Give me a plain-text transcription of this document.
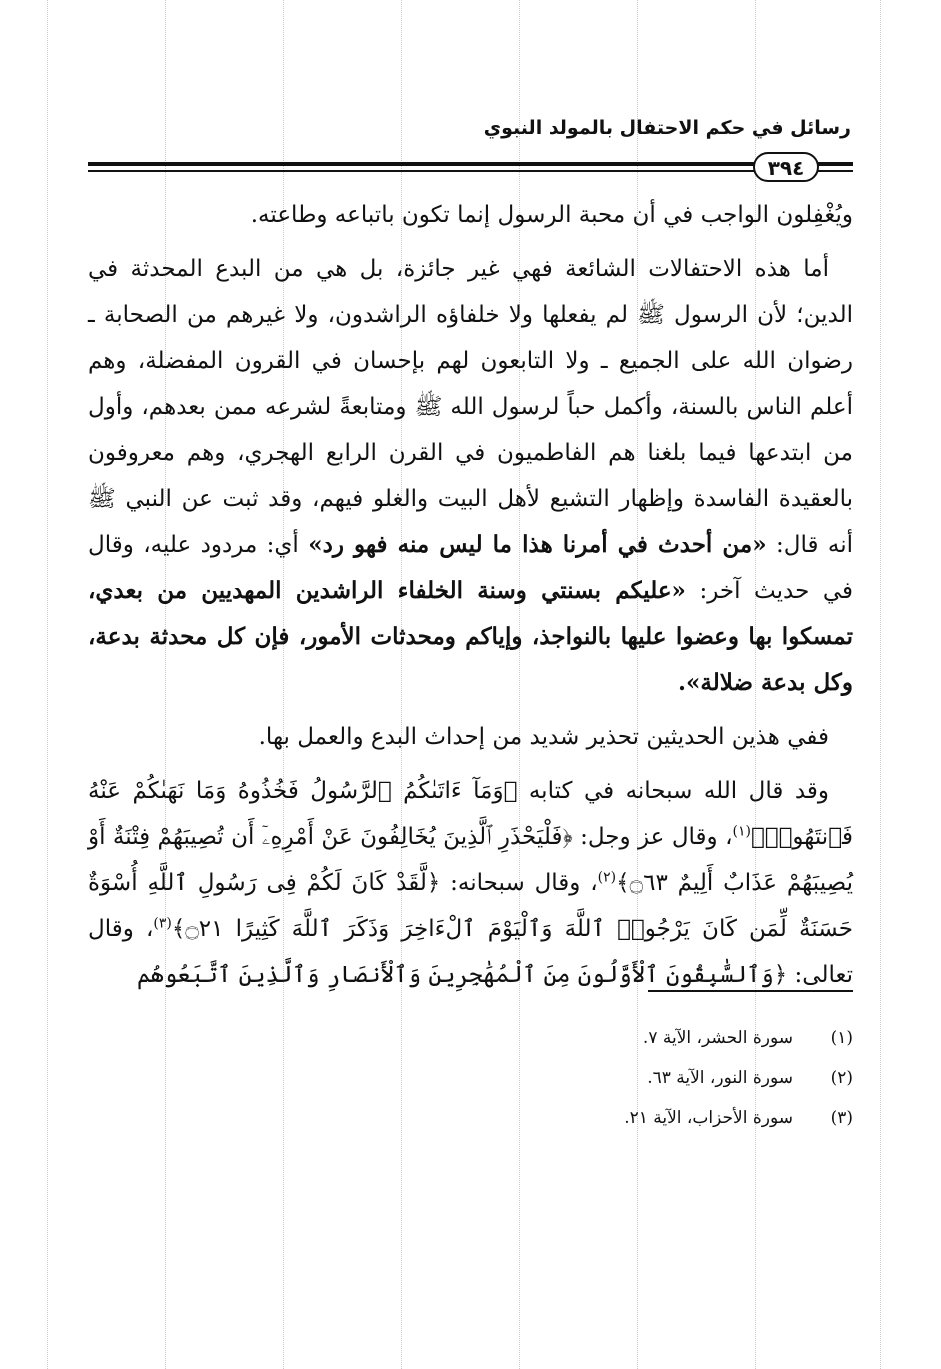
رسائل في حكم الاحتفال بالمولد النبوي
٣٩٤

ويُغْفِلون الواجب في أن محبة الرسول إنما تكون باتباعه وطاعته.

أما هذه الاحتفالات الشائعة فهي غير جائزة، بل هي من البدع المحدثة في الدين؛ لأن الرسول ﷺ لم يفعلها ولا خلفاؤه الراشدون، ولا غيرهم من الصحابة ـ رضوان الله على الجميع ـ ولا التابعون لهم بإحسان في القرون المفضلة، وهم أعلم الناس بالسنة، وأكمل حباً لرسول الله ﷺ ومتابعةً لشرعه ممن بعدهم، وأول من ابتدعها فيما بلغنا هم الفاطميون في القرن الرابع الهجري، وهم معروفون بالعقيدة الفاسدة وإظهار التشيع لأهل البيت والغلو فيهم، وقد ثبت عن النبي ﷺ أنه قال: «من أحدث في أمرنا هذا ما ليس منه فهو رد» أي: مردود عليه، وقال في حديث آخر: «عليكم بسنتي وسنة الخلفاء الراشدين المهديين من بعدي، تمسكوا بها وعضوا عليها بالنواجذ، وإياكم ومحدثات الأمور، فإن كل محدثة بدعة، وكل بدعة ضلالة».

ففي هذين الحديثين تحذير شديد من إحداث البدع والعمل بها.

وقد قال الله سبحانه في كتابه ﴿وَمَآ ءَاتَىٰكُمُ ٱلرَّسُولُ فَخُذُوهُ وَمَا نَهَىٰكُمْ عَنْهُ فَٱنتَهُوا۟﴾$^{(١)}$، وقال عز وجل: ﴿فَلْيَحْذَرِ ٱلَّذِينَ يُخَالِفُونَ عَنْ أَمْرِهِۦٓ أَن تُصِيبَهُمْ فِتْنَةٌ أَوْ يُصِيبَهُمْ عَذَابٌ أَلِيمٌ ۝٦٣﴾$^{(٢)}$، وقال سبحانه: ﴿لَّقَدْ كَانَ لَكُمْ فِى رَسُولِ ٱللَّهِ أُسْوَةٌ حَسَنَةٌ لِّمَن كَانَ يَرْجُوا۟ ٱللَّهَ وَٱلْيَوْمَ ٱلْءَاخِرَ وَذَكَرَ ٱللَّهَ كَثِيرًا ۝٢١﴾$^{(٣)}$، وقال تعالى: ﴿وَٱلسَّٰبِقُونَ ٱلْأَوَّلُونَ مِنَ ٱلْمُهَٰجِرِينَ وَٱلْأَنصَارِ وَٱلَّذِينَ ٱتَّبَعُوهُم

(١)
سورة الحشر، الآية ٧.
(٢)
سورة النور، الآية ٦٣.
(٣)
سورة الأحزاب، الآية ٢١.
